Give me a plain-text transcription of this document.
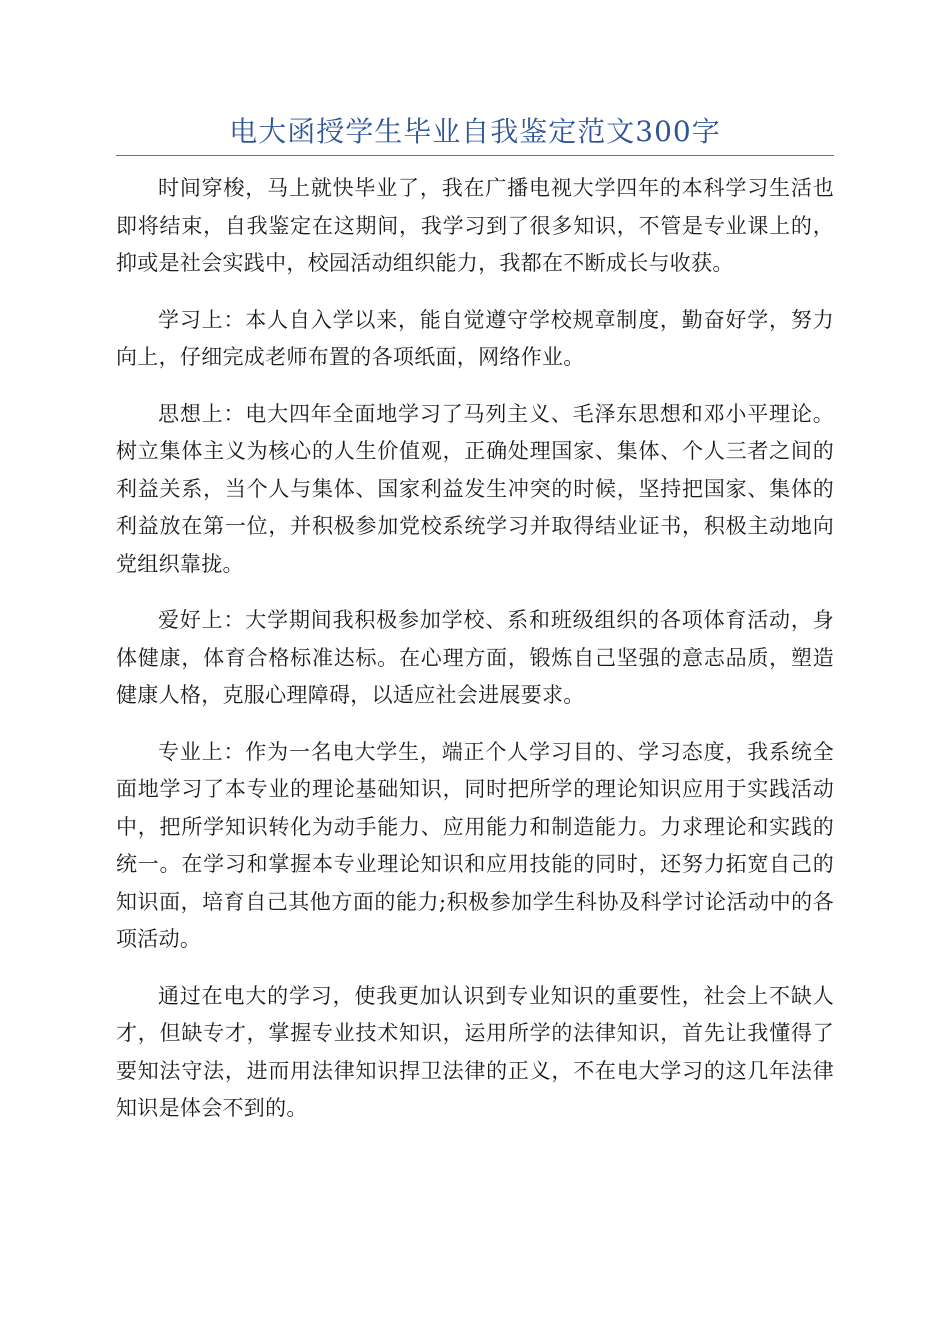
电大函授学生毕业自我鉴定范文300字

时间穿梭，马上就快毕业了，我在广播电视大学四年的本科学习生活也即将结束，自我鉴定在这期间，我学习到了很多知识，不管是专业课上的，抑或是社会实践中，校园活动组织能力，我都在不断成长与收获。

学习上：本人自入学以来，能自觉遵守学校规章制度，勤奋好学，努力向上，仔细完成老师布置的各项纸面，网络作业。

思想上：电大四年全面地学习了马列主义、毛泽东思想和邓小平理论。树立集体主义为核心的人生价值观，正确处理国家、集体、个人三者之间的利益关系，当个人与集体、国家利益发生冲突的时候，坚持把国家、集体的利益放在第一位，并积极参加党校系统学习并取得结业证书，积极主动地向党组织靠拢。

爱好上：大学期间我积极参加学校、系和班级组织的各项体育活动，身体健康，体育合格标准达标。在心理方面，锻炼自己坚强的意志品质，塑造健康人格，克服心理障碍，以适应社会进展要求。

专业上：作为一名电大学生，端正个人学习目的、学习态度，我系统全面地学习了本专业的理论基础知识，同时把所学的理论知识应用于实践活动中，把所学知识转化为动手能力、应用能力和制造能力。力求理论和实践的统一。在学习和掌握本专业理论知识和应用技能的同时，还努力拓宽自己的知识面，培育自己其他方面的能力;积极参加学生科协及科学讨论活动中的各项活动。

通过在电大的学习，使我更加认识到专业知识的重要性，社会上不缺人才，但缺专才，掌握专业技术知识，运用所学的法律知识，首先让我懂得了要知法守法，进而用法律知识捍卫法律的正义，不在电大学习的这几年法律知识是体会不到的。
